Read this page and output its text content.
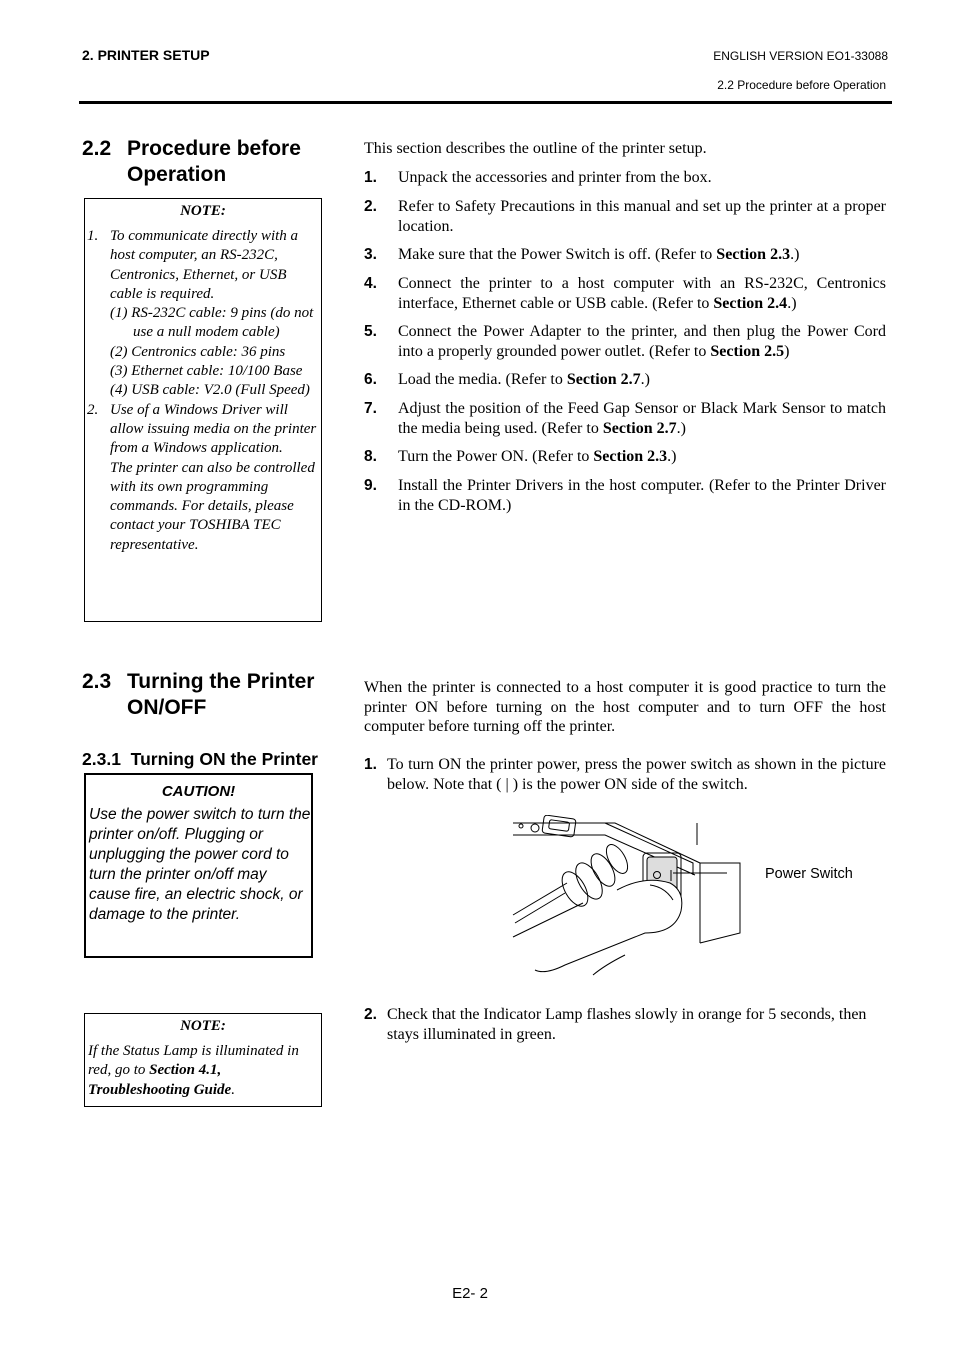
2. PRINTER SETUP	ENGLISH VERSION EO1-33088
2.2 Procedure before Operation
2.2 Procedure before
Operation
NOTE:
1. To communicate directly with a host computer, an RS-232C, Centronics, Ethernet, or USB cable is required.
(1) RS-232C cable: 9 pins (do not use a null modem cable)
(2) Centronics cable: 36 pins
(3) Ethernet cable: 10/100 Base
(4) USB cable: V2.0 (Full Speed)
2. Use of a Windows Driver will allow issuing media on the printer from a Windows application.
The printer can also be controlled with its own programming commands. For details, please contact your TOSHIBA TEC representative.
This section describes the outline of the printer setup.
1. Unpack the accessories and printer from the box.
2. Refer to Safety Precautions in this manual and set up the printer at a proper location.
3. Make sure that the Power Switch is off. (Refer to Section 2.3.)
4. Connect the printer to a host computer with an RS-232C, Centronics interface, Ethernet cable or USB cable. (Refer to Section 2.4.)
5. Connect the Power Adapter to the printer, and then plug the Power Cord into a properly grounded power outlet. (Refer to Section 2.5)
6. Load the media. (Refer to Section 2.7.)
7. Adjust the position of the Feed Gap Sensor or Black Mark Sensor to match the media being used. (Refer to Section 2.7.)
8. Turn the Power ON. (Refer to Section 2.3.)
9. Install the Printer Drivers in the host computer. (Refer to the Printer Driver in the CD-ROM.)
2.3 Turning the Printer
ON/OFF
When the printer is connected to a host computer it is good practice to turn the printer ON before turning on the host computer and to turn OFF the host computer before turning off the printer.
2.3.1 Turning ON the Printer
CAUTION!
Use the power switch to turn the printer on/off. Plugging or unplugging the power cord to turn the printer on/off may cause fire, an electric shock, or damage to the printer.
1. To turn ON the printer power, press the power switch as shown in the picture below. Note that ( | ) is the power ON side of the switch.
Power Switch
2. Check that the Indicator Lamp flashes slowly in orange for 5 seconds, then stays illuminated in green.
NOTE:
If the Status Lamp is illuminated in red, go to Section 4.1, Troubleshooting Guide.
E2- 2
